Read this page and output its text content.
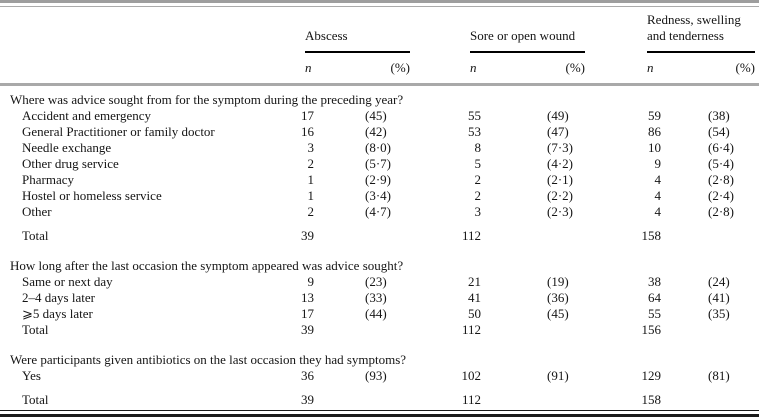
	Abscess		Sore or open wound		Redness, swelling and tenderness	

	n (%)		n (%)		n (%)	

Where was advice sought from for the symptom during the preceding year?						
Accident and emergency	17	(45)	55	(49)	59	(38)
General Practitioner or family doctor	16	(42)	53	(47)	86	(54)
Needle exchange	3	(8·0)	8	(7·3)	10	(6·4)
Other drug service	2	(5·7)	5	(4·2)	9	(5·4)
Pharmacy	1	(2·9)	2	(2·1)	4	(2·8)
Hostel or homeless service	1	(3·4)	2	(2·2)	4	(2·4)
Other	2	(4·7)	3	(2·3)	4	(2·8)
Total	39		112		158	
How long after the last occasion the symptom appeared was advice sought?						
Same or next day	9	(23)	21	(19)	38	(24)
2–4 days later	13	(33)	41	(36)	64	(41)
⩾5 days later	17	(44)	50	(45)	55	(35)
Total	39		112		156	
Were participants given antibiotics on the last occasion they had symptoms?						
Yes	36	(93)	102	(91)	129	(81)
Total	39		112		158	
